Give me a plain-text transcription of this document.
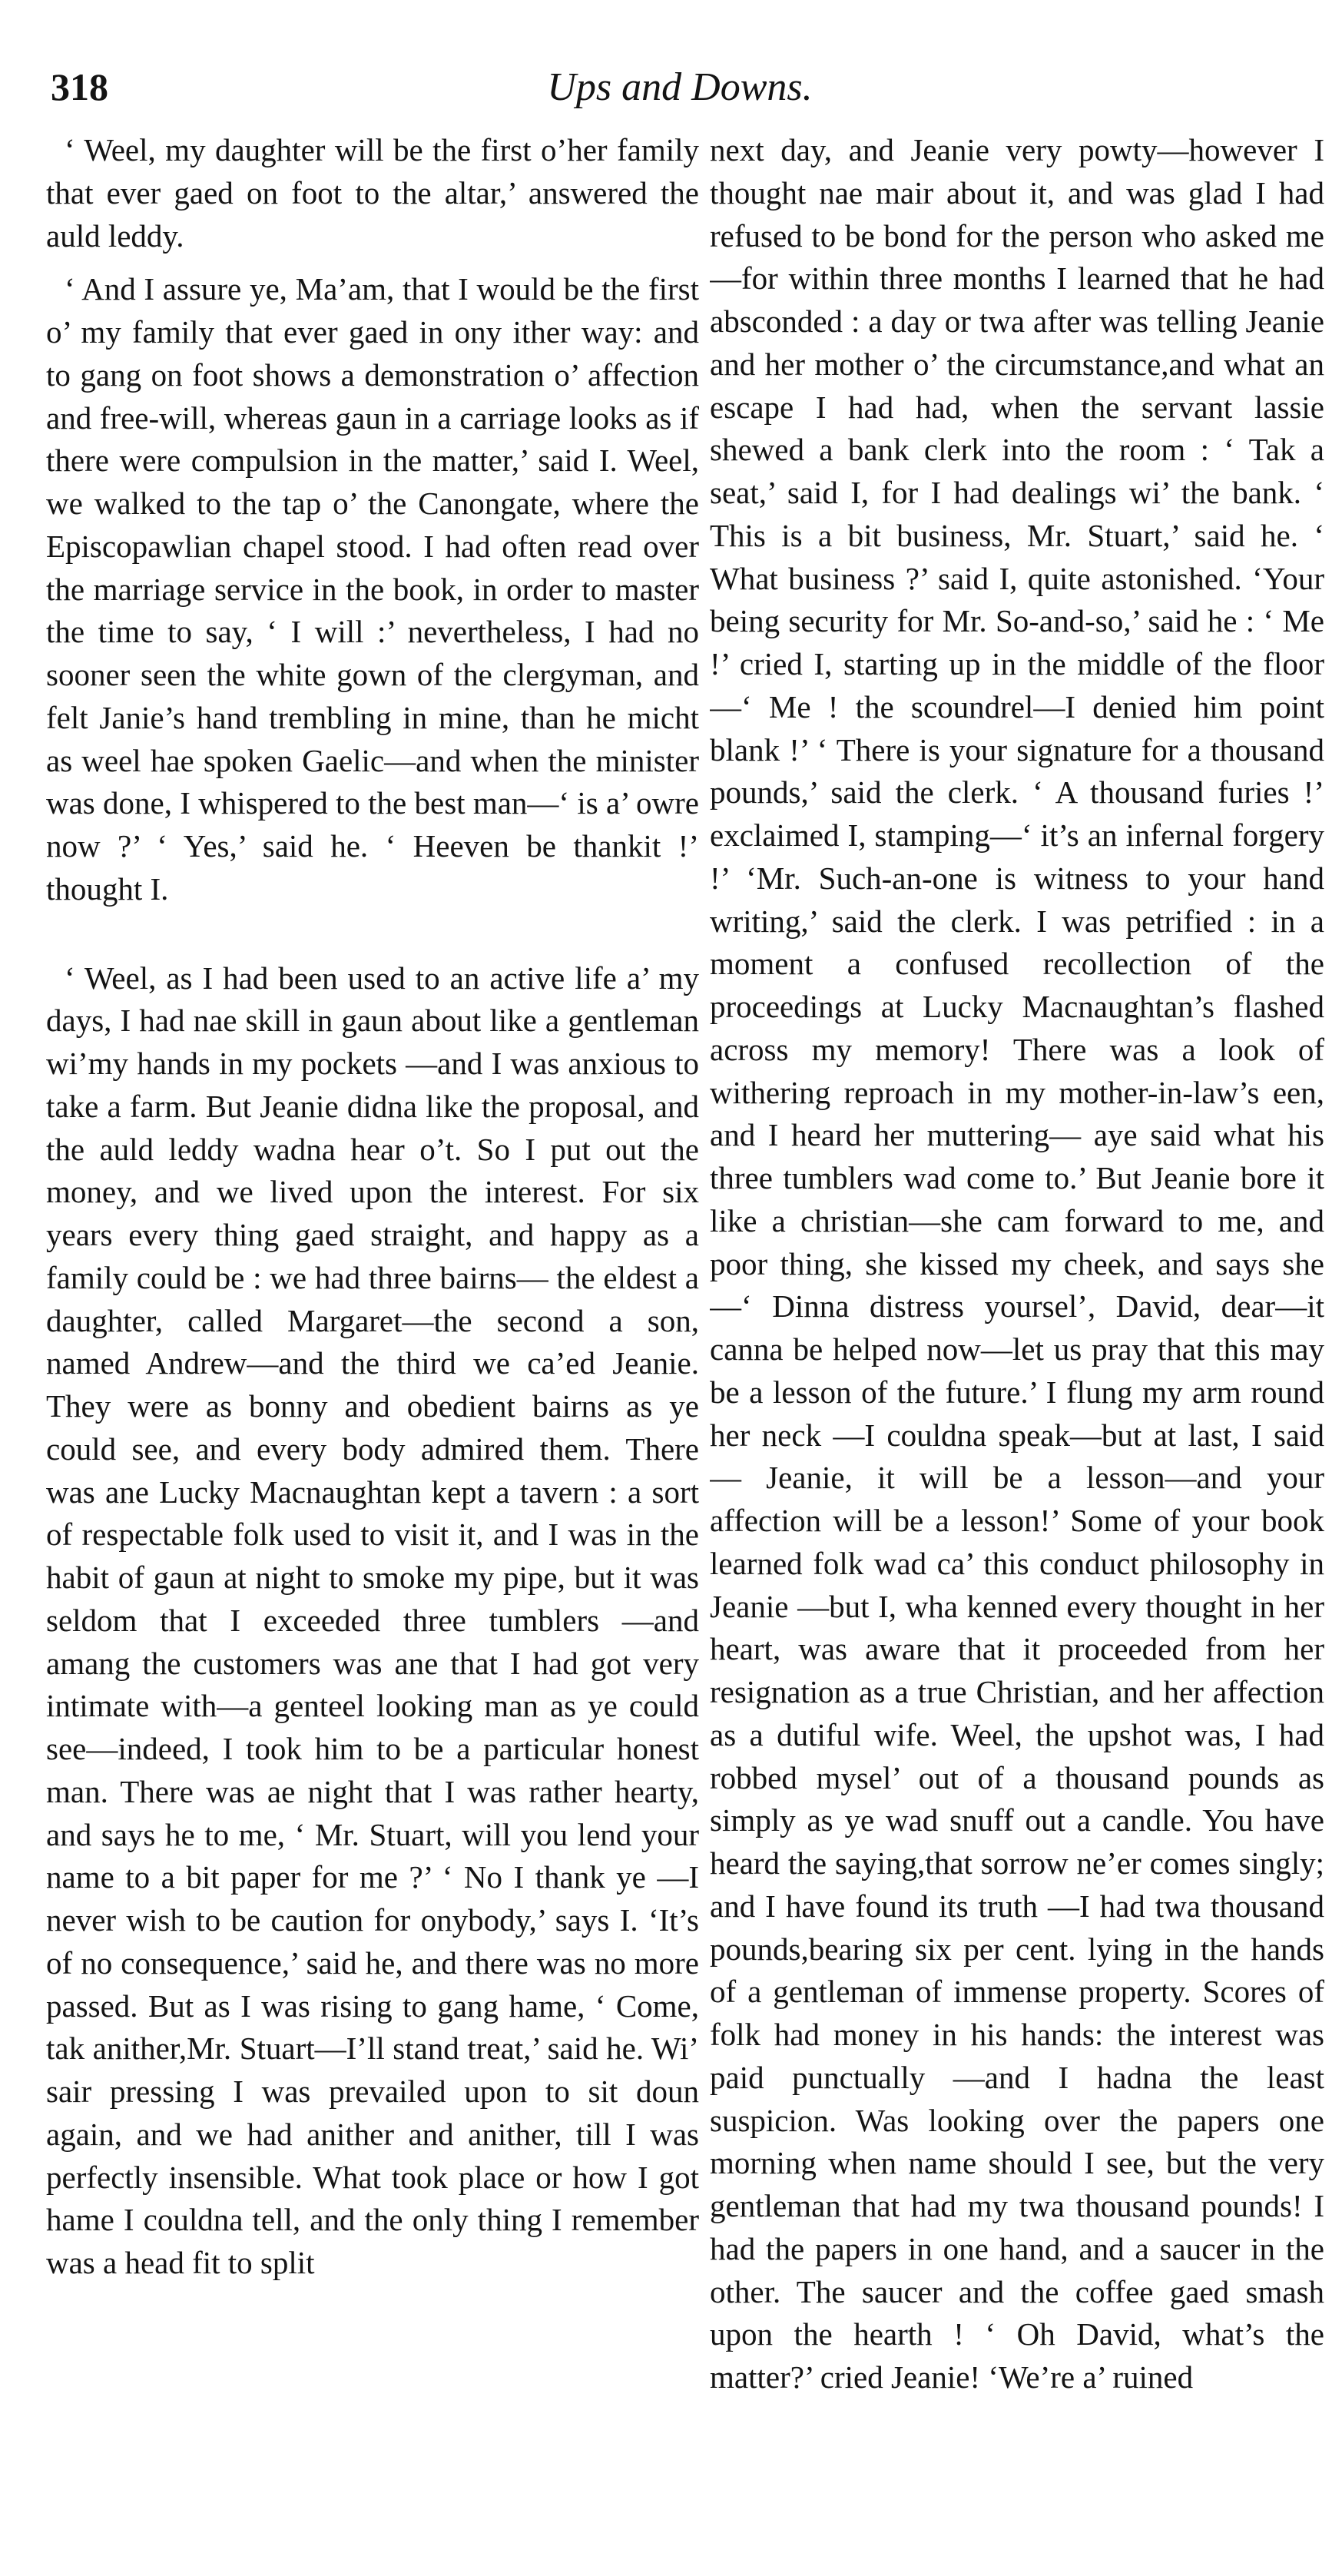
318	Ups and Downs.

‘ Weel, my daughter will be the first o’her family that ever gaed on foot to the altar,’ answered the auld leddy.

‘ And I assure ye, Ma’am, that I would be the first o’ my family that ever gaed in ony ither way: and to gang on foot shows a demonstration o’ affection and free-will, whereas gaun in a carriage looks as if there were compulsion in the matter,’ said I. Weel, we walked to the tap o’ the Canongate, where the Episcopawlian chapel stood. I had often read over the marriage service in the book, in order to master the time to say, ‘ I will :’ nevertheless, I had no sooner seen the white gown of the clergyman, and felt Janie’s hand trembling in mine, than he micht as weel hae spoken Gaelic—and when the minister was done, I whispered to the best man—‘ is a’ owre now ?’ ‘ Yes,’ said he. ‘ Heeven be thankit !’ thought I.

‘ Weel, as I had been used to an active life a’ my days, I had nae skill in gaun about like a gentleman wi’my hands in my pockets —and I was anxious to take a farm. But Jeanie didna like the proposal, and the auld leddy wadna hear o’t. So I put out the money, and we lived upon the interest. For six years every thing gaed straight, and happy as a family could be : we had three bairns— the eldest a daughter, called Margaret—the second a son, named Andrew—and the third we ca’ed Jeanie. They were as bonny and obedient bairns as ye could see, and every body admired them. There was ane Lucky Macnaughtan kept a tavern : a sort of respectable folk used to visit it, and I was in the habit of gaun at night to smoke my pipe, but it was seldom that I exceeded three tumblers —and amang the customers was ane that I had got very intimate with—a genteel looking man as ye could see—indeed, I took him to be a particular honest man. There was ae night that I was rather hearty, and says he to me, ‘ Mr. Stuart, will you lend your name to a bit paper for me ?’ ‘ No I thank ye —I never wish to be caution for onybody,’ says I. ‘It’s of no consequence,’ said he, and there was no more passed. But as I was rising to gang hame, ‘ Come, tak anither,Mr. Stuart—I’ll stand treat,’ said he. Wi’ sair pressing I was prevailed upon to sit doun again, and we had anither and anither, till I was perfectly insensible. What took place or how I got hame I couldna tell, and the only thing I remember was a head fit to split

next day, and Jeanie very powty—however I thought nae mair about it, and was glad I had refused to be bond for the person who asked me—for within three months I learned that he had absconded : a day or twa after was telling Jeanie and her mother o’ the circumstance,and what an escape I had had, when the servant lassie shewed a bank clerk into the room : ‘ Tak a seat,’ said I, for I had dealings wi’ the bank. ‘ This is a bit business, Mr. Stuart,’ said he. ‘ What business ?’ said I, quite astonished. ‘Your being security for Mr. So-and-so,’ said he : ‘ Me !’ cried I, starting up in the middle of the floor —‘ Me ! the scoundrel—I denied him point blank !’ ‘ There is your signature for a thousand pounds,’ said the clerk. ‘ A thousand furies !’ exclaimed I, stamping—‘ it’s an infernal forgery !’ ‘Mr. Such-an-one is witness to your hand writing,’ said the clerk. I was petrified : in a moment a confused recollection of the proceedings at Lucky Macnaughtan’s flashed across my memory! There was a look of withering reproach in my mother-in-law’s een, and I heard her muttering— aye said what his three tumblers wad come to.’ But Jeanie bore it like a christian—she cam forward to me, and poor thing, she kissed my cheek, and says she—‘ Dinna distress yoursel’, David, dear—it canna be helped now—let us pray that this may be a lesson of the future.’ I flung my arm round her neck —I couldna speak—but at last, I said— Jeanie, it will be a lesson—and your affection will be a lesson!’ Some of your book learned folk wad ca’ this conduct philosophy in Jeanie —but I, wha kenned every thought in her heart, was aware that it proceeded from her resignation as a true Christian, and her affection as a dutiful wife. Weel, the upshot was, I had robbed mysel’ out of a thousand pounds as simply as ye wad snuff out a candle. You have heard the saying,that sorrow ne’er comes singly; and I have found its truth —I had twa thousand pounds,bearing six per cent. lying in the hands of a gentleman of immense property. Scores of folk had money in his hands: the interest was paid punctually —and I hadna the least suspicion. Was looking over the papers one morning when name should I see, but the very gentleman that had my twa thousand pounds! I had the papers in one hand, and a saucer in the other. The saucer and the coffee gaed smash upon the hearth ! ‘ Oh David, what’s the matter?’ cried Jeanie! ‘We’re a’ ruined
